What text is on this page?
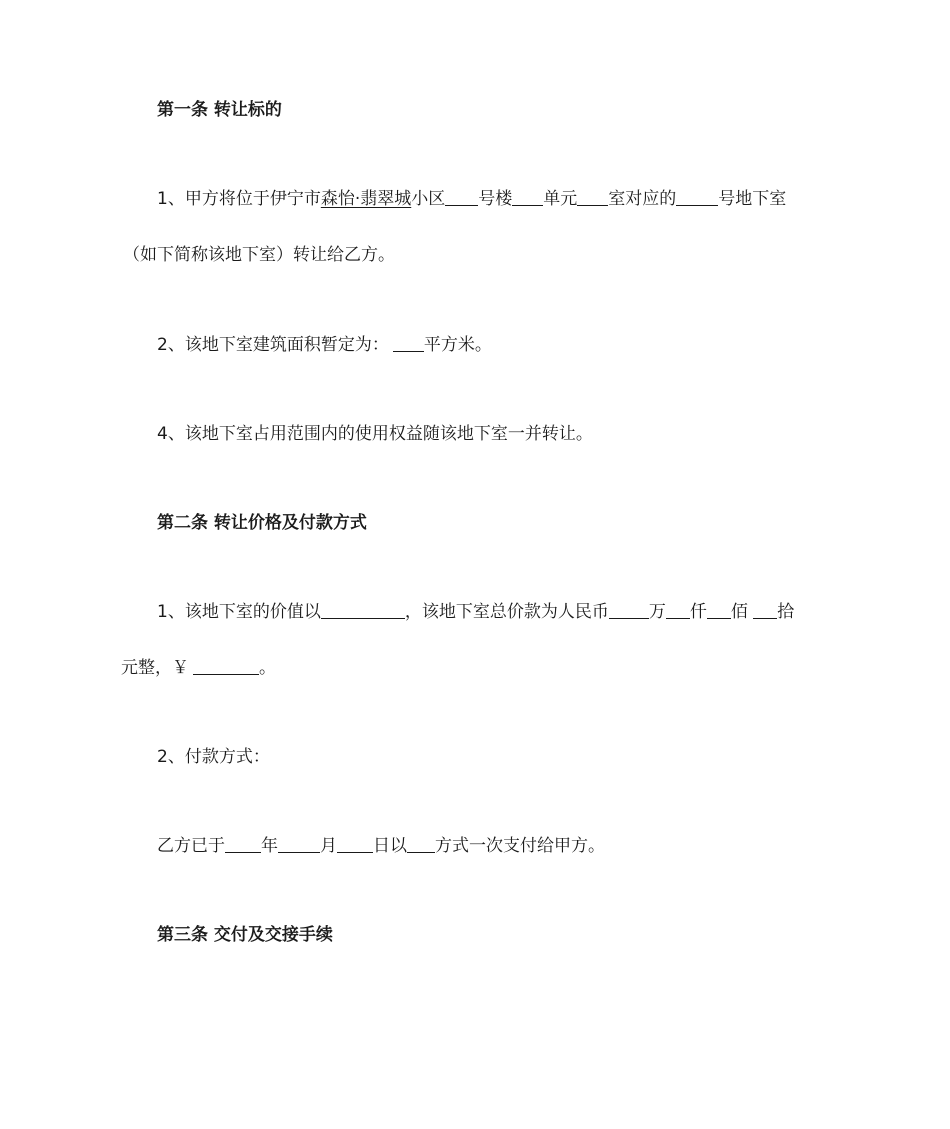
第一条 转让标的
1、甲方将位于伊宁市森怡·翡翠城小区 号楼 单元 室对应的 号地下室
（如下简称该地下室）转让给乙方。
2、该地下室建筑面积暂定为： 平方米。
4、该地下室占用范围内的使用权益随该地下室一并转让。
第二条 转让价格及付款方式
1、该地下室的价值以	，该地下室总价款为人民币 万 仟 佰 拾
元整，￥	。
2、付款方式：
乙方已于 年 月 日以 方式一次支付给甲方。
第三条 交付及交接手续
